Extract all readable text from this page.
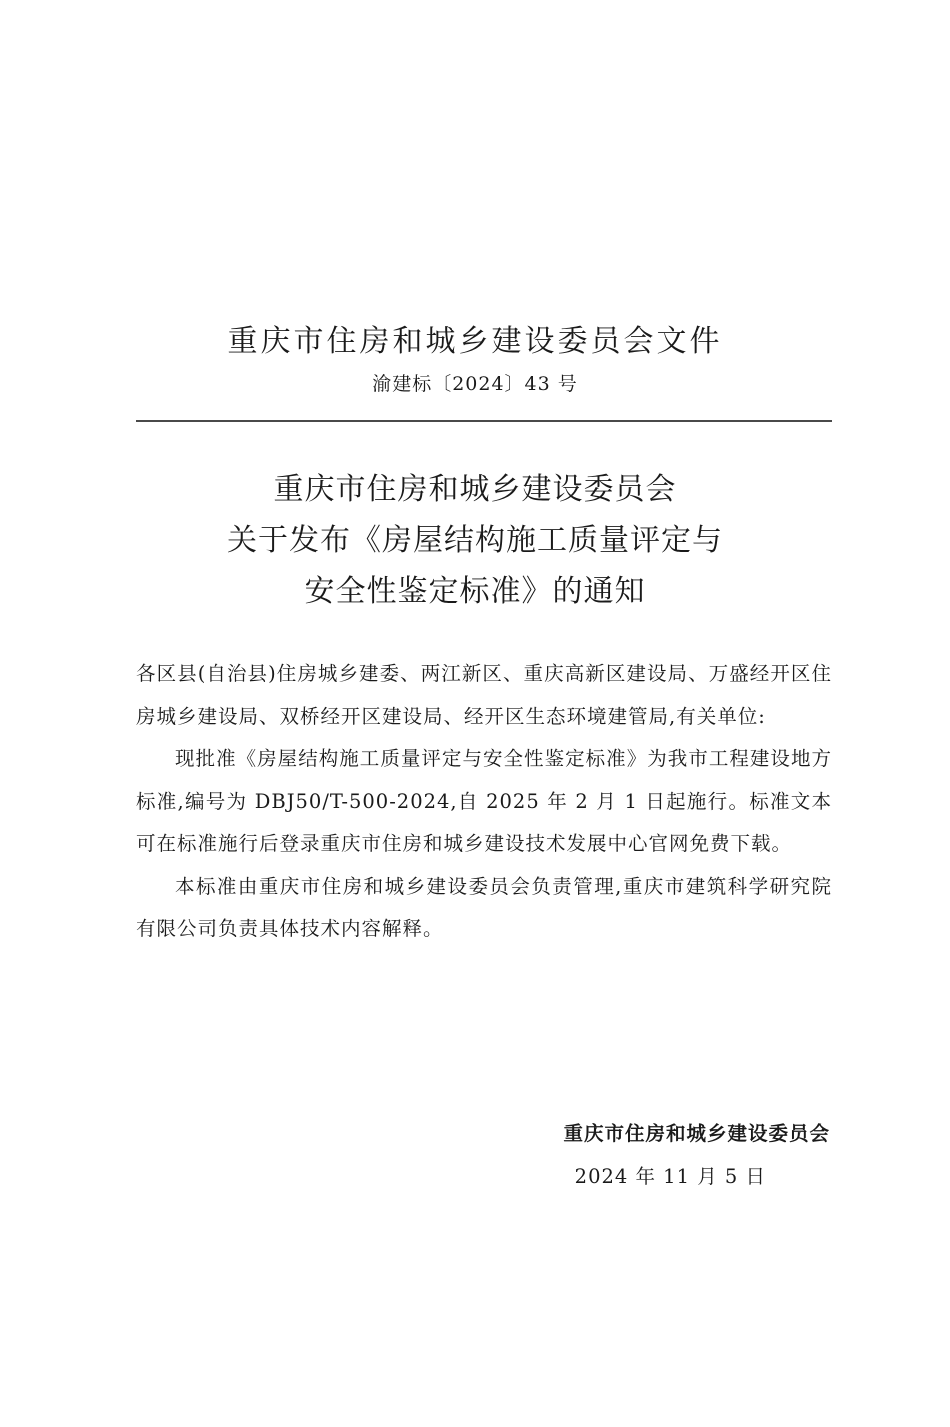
重庆市住房和城乡建设委员会文件
渝建标〔2024〕43 号
重庆市住房和城乡建设委员会
关于发布《房屋结构施工质量评定与
安全性鉴定标准》的通知

各区县(自治县)住房城乡建委、两江新区、重庆高新区建设局、万盛经开区住房城乡建设局、双桥经开区建设局、经开区生态环境建管局,有关单位:

现批准《房屋结构施工质量评定与安全性鉴定标准》为我市工程建设地方标准,编号为 DBJ50/T-500-2024,自 2025 年 2 月 1 日起施行。标准文本可在标准施行后登录重庆市住房和城乡建设技术发展中心官网免费下载。

本标准由重庆市住房和城乡建设委员会负责管理,重庆市建筑科学研究院有限公司负责具体技术内容解释。

重庆市住房和城乡建设委员会
2024 年 11 月 5 日
